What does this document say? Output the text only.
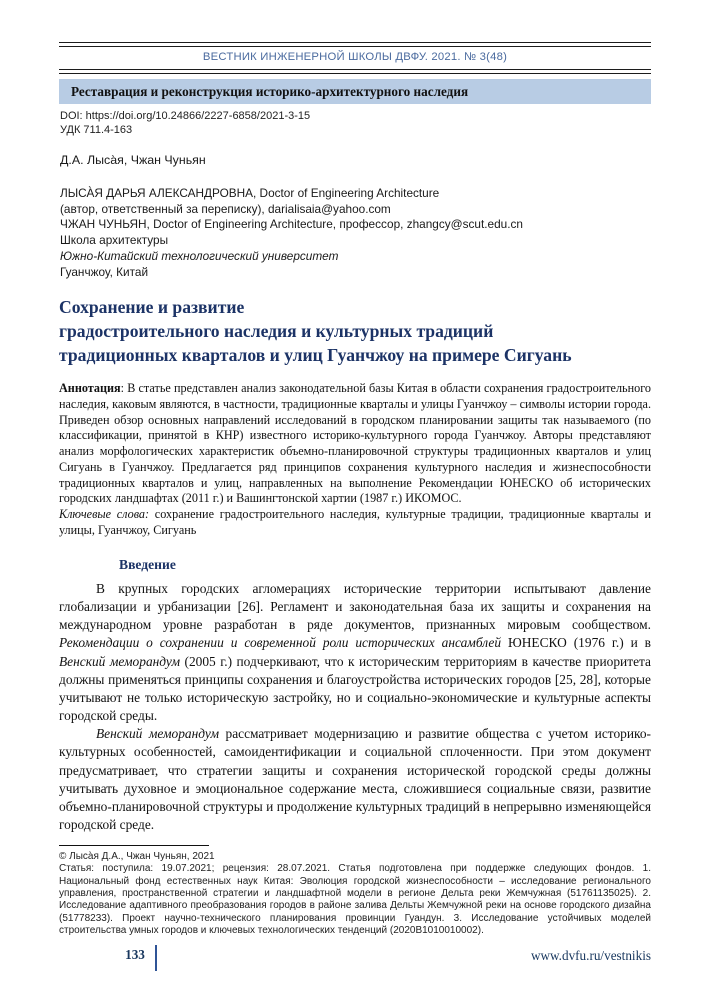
ВЕСТНИК ИНЖЕНЕРНОЙ ШКОЛЫ ДВФУ. 2021. № 3(48)
Реставрация и реконструкция историко-архитектурного наследия
DOI: https://doi.org/10.24866/2227-6858/2021-3-15
УДК 711.4-163
Д.А. Лыса̀я, Чжан Чуньян
ЛЫСА̀Я ДАРЬЯ АЛЕКСАНДРОВНА, Doctor of Engineering Architecture
(автор, ответственный за переписку), darialisaia@yahoo.com
ЧЖАН ЧУНЬЯН, Doctor of Engineering Architecture, профессор, zhangcy@scut.edu.cn
Школа архитектуры
Южно-Китайский технологический университет
Гуанчжоу, Китай
Сохранение и развитие
градостроительного наследия и культурных традиций
традиционных кварталов и улиц Гуанчжоу на примере Сигуань

Аннотация: В статье представлен анализ законодательной базы Китая в области сохранения градостроительного наследия, каковым являются, в частности, традиционные кварталы и улицы Гуанчжоу – символы истории города. Приведен обзор основных направлений исследований в городском планировании защиты так называемого (по классификации, принятой в КНР) известного историко-культурного города Гуанчжоу. Авторы представляют анализ морфологических характеристик объемно-планировочной структуры традиционных кварталов и улиц Сигуань в Гуанчжоу. Предлагается ряд принципов сохранения культурного наследия и жизнеспособности традиционных кварталов и улиц, направленных на выполнение Рекомендации ЮНЕСКО об исторических городских ландшафтах (2011 г.) и Вашингтонской хартии (1987 г.) ИКОМОС.

Ключевые слова: сохранение градостроительного наследия, культурные традиции, традиционные кварталы и улицы, Гуанчжоу, Сигуань

Введение

В крупных городских агломерациях исторические территории испытывают давление глобализации и урбанизации [26]. Регламент и законодательная база их защиты и сохранения на международном уровне разработан в ряде документов, признанных мировым сообществом. Рекомендации о сохранении и современной роли исторических ансамблей ЮНЕСКО (1976 г.) и в Венский меморандум (2005 г.) подчеркивают, что к историческим территориям в качестве приоритета должны применяться принципы сохранения и благоустройства исторических городов [25, 28], которые учитывают не только историческую застройку, но и социально-экономические и культурные аспекты городской среды.

Венский меморандум рассматривает модернизацию и развитие общества с учетом историко-культурных особенностей, самоидентификации и социальной сплоченности. При этом документ предусматривает, что стратегии защиты и сохранения исторической городской среды должны учитывать духовное и эмоциональное содержание места, сложившиеся социальные связи, развитие объемно-планировочной структуры и продолжение культурных традиций в непрерывно изменяющейся городской среде.

© Лыса̀я Д.А., Чжан Чуньян, 2021

Статья: поступила: 19.07.2021; рецензия: 28.07.2021. Статья подготовлена при поддержке следующих фондов. 1. Национальный фонд естественных наук Китая: Эволюция городской жизнеспособности – исследование регионального управления, пространственной стратегии и ландшафтной модели в регионе Дельта реки Жемчужная (51761135025). 2. Исследование адаптивного преобразования городов в районе залива Дельты Жемчужной реки на основе городского дизайна (51778233). Проект научно-технического планирования провинции Гуандун. 3. Исследование устойчивых моделей строительства умных городов и ключевых технологических тенденций (2020B1010010002).

133	www.dvfu.ru/vestnikis
